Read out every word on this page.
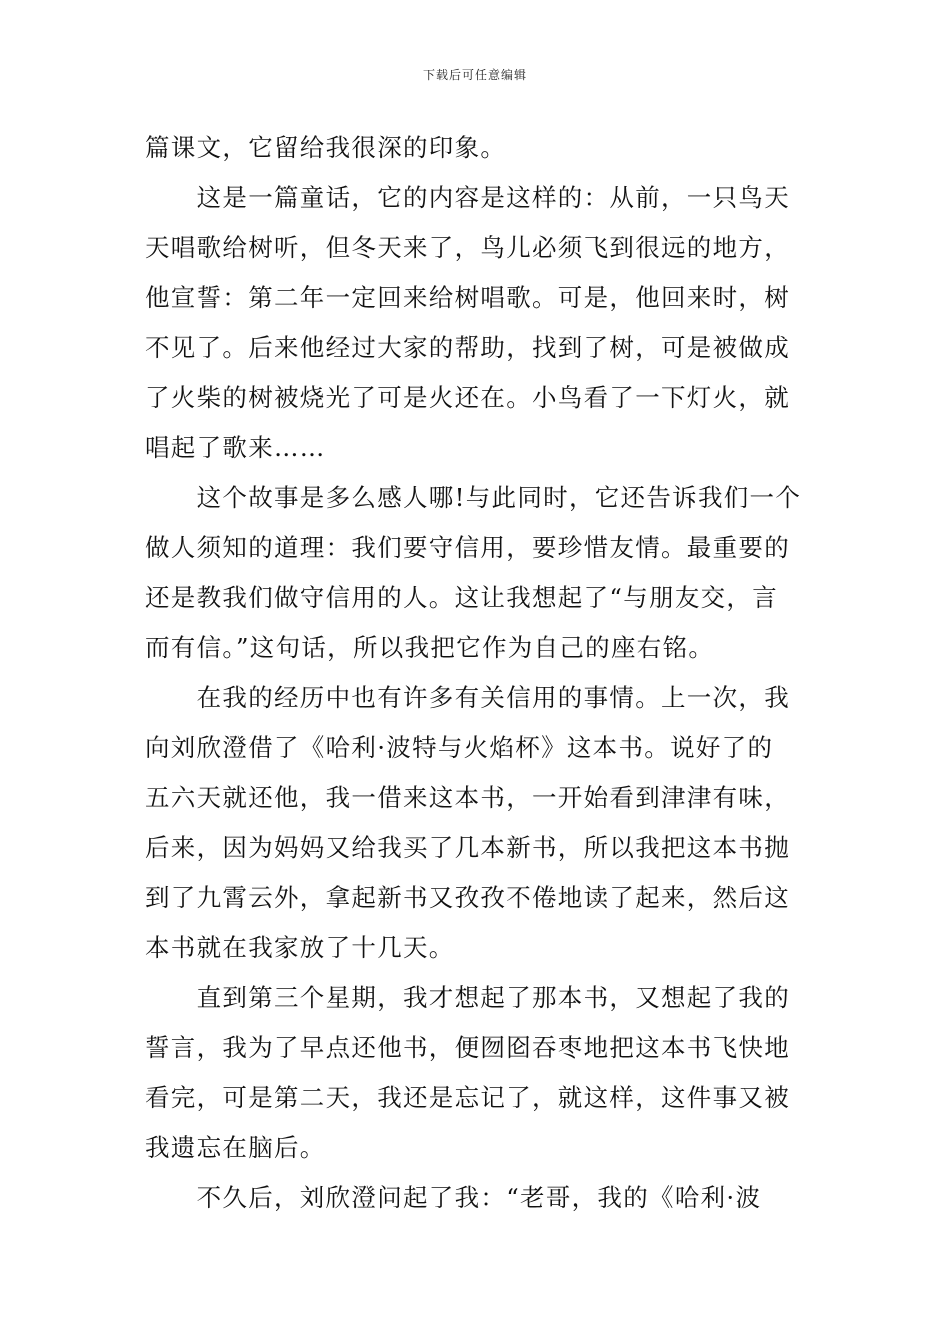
下载后可任意编辑

篇课文，它留给我很深的印象。

　　这是一篇童话，它的内容是这样的：从前，一只鸟天

天唱歌给树听，但冬天来了，鸟儿必须飞到很远的地方，

他宣誓：第二年一定回来给树唱歌。可是，他回来时，树

不见了。后来他经过大家的帮助，找到了树，可是被做成

了火柴的树被烧光了可是火还在。小鸟看了一下灯火，就

唱起了歌来……

　　这个故事是多么感人哪!与此同时，它还告诉我们一个

做人须知的道理：我们要守信用，要珍惜友情。最重要的

还是教我们做守信用的人。这让我想起了“与朋友交，言

而有信。”这句话，所以我把它作为自己的座右铭。

　　在我的经历中也有许多有关信用的事情。上一次，我

向刘欣澄借了《哈利·波特与火焰杯》这本书。说好了的

五六天就还他，我一借来这本书，一开始看到津津有味，

后来，因为妈妈又给我买了几本新书，所以我把这本书抛

到了九霄云外，拿起新书又孜孜不倦地读了起来，然后这

本书就在我家放了十几天。

　　直到第三个星期，我才想起了那本书，又想起了我的

誓言，我为了早点还他书，便囫囵吞枣地把这本书飞快地

看完，可是第二天，我还是忘记了，就这样，这件事又被

我遗忘在脑后。

　　不久后，刘欣澄问起了我：“老哥，我的《哈利·波
